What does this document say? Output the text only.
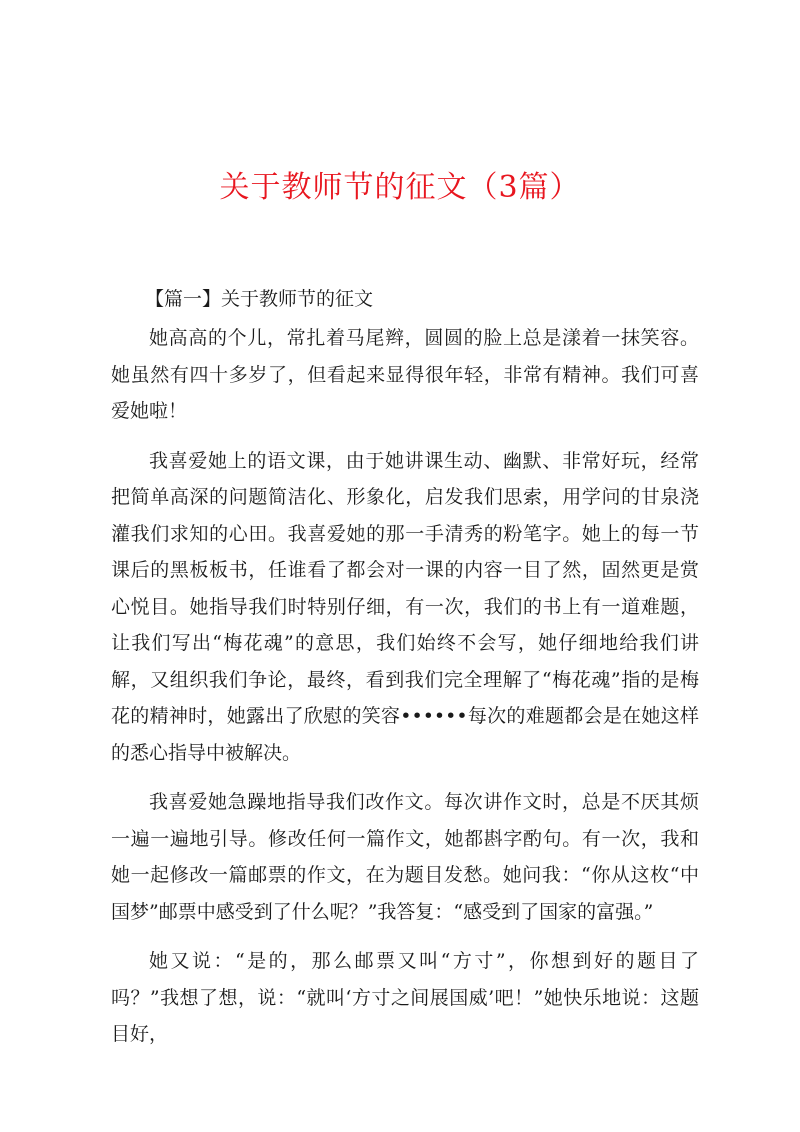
关于教师节的征文（3篇）
【篇一】关于教师节的征文

她高高的个儿，常扎着马尾辫，圆圆的脸上总是漾着一抹笑容。她虽然有四十多岁了，但看起来显得很年轻，非常有精神。我们可喜爱她啦！

我喜爱她上的语文课，由于她讲课生动、幽默、非常好玩，经常把简单高深的问题简洁化、形象化，启发我们思索，用学问的甘泉浇灌我们求知的心田。我喜爱她的那一手清秀的粉笔字。她上的每一节课后的黑板板书，任谁看了都会对一课的内容一目了然，固然更是赏心悦目。她指导我们时特别仔细，有一次，我们的书上有一道难题，让我们写出“梅花魂”的意思，我们始终不会写，她仔细地给我们讲解，又组织我们争论，最终，看到我们完全理解了“梅花魂”指的是梅花的精神时，她露出了欣慰的笑容••••••每次的难题都会是在她这样的悉心指导中被解决。

我喜爱她急躁地指导我们改作文。每次讲作文时，总是不厌其烦一遍一遍地引导。修改任何一篇作文，她都斟字酌句。有一次，我和她一起修改一篇邮票的作文，在为题目发愁。她问我：“你从这枚“中国梦”邮票中感受到了什么呢？”我答复：“感受到了国家的富强。”

她又说：“是的，那么邮票又叫“方寸”，你想到好的题目了吗？”我想了想，说：“就叫‘方寸之间展国威’吧！”她快乐地说：这题目好，
